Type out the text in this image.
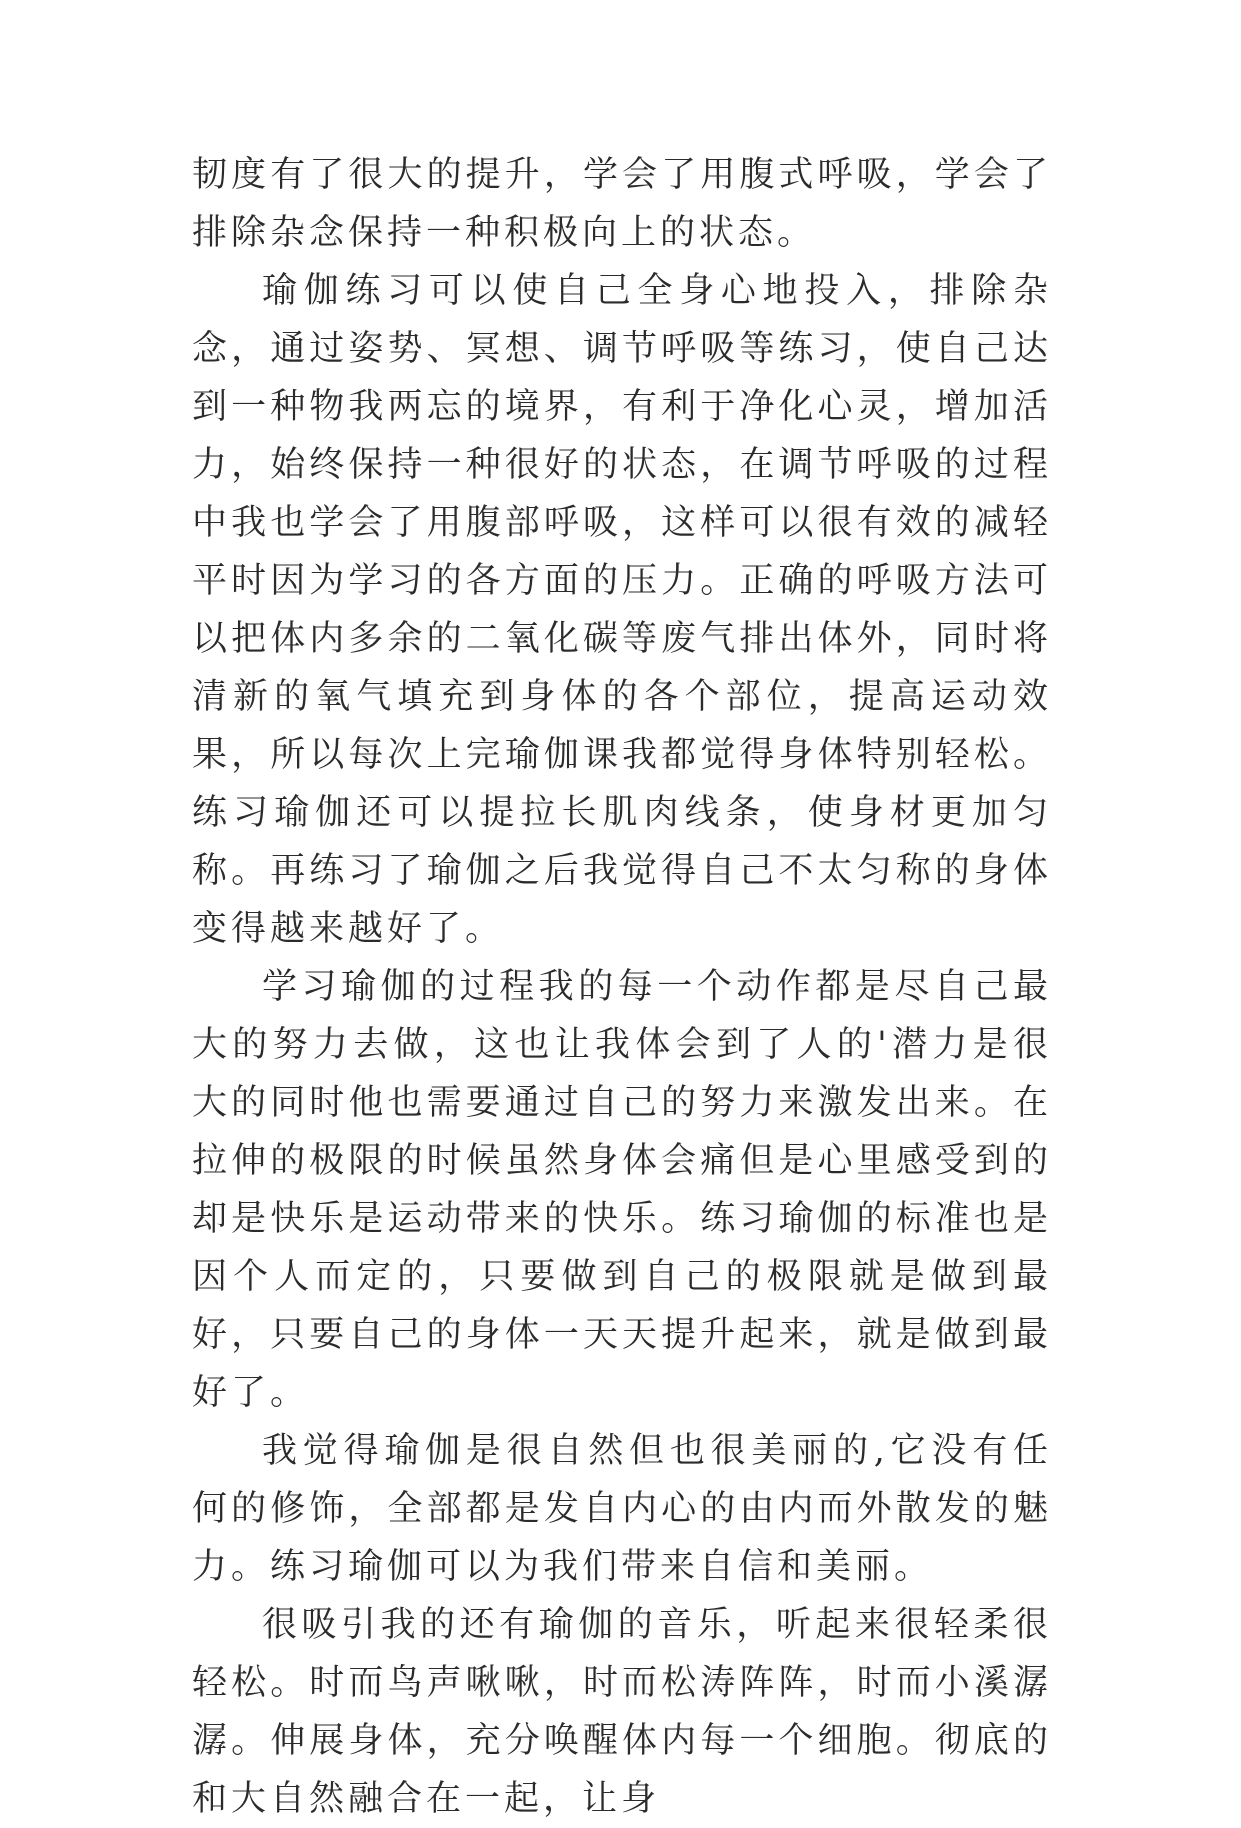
韧度有了很大的提升，学会了用腹式呼吸，学会了排除杂念保持一种积极向上的状态。

瑜伽练习可以使自己全身心地投入，排除杂念，通过姿势、冥想、调节呼吸等练习，使自己达到一种物我两忘的境界，有利于净化心灵，增加活力，始终保持一种很好的状态，在调节呼吸的过程中我也学会了用腹部呼吸，这样可以很有效的减轻平时因为学习的各方面的压力。正确的呼吸方法可以把体内多余的二氧化碳等废气排出体外，同时将清新的氧气填充到身体的各个部位，提高运动效果，所以每次上完瑜伽课我都觉得身体特别轻松。练习瑜伽还可以提拉长肌肉线条，使身材更加匀称。再练习了瑜伽之后我觉得自己不太匀称的身体变得越来越好了。

学习瑜伽的过程我的每一个动作都是尽自己最大的努力去做，这也让我体会到了人的'潜力是很大的同时他也需要通过自己的努力来激发出来。在拉伸的极限的时候虽然身体会痛但是心里感受到的却是快乐是运动带来的快乐。练习瑜伽的标准也是因个人而定的，只要做到自己的极限就是做到最好，只要自己的身体一天天提升起来，就是做到最好了。

我觉得瑜伽是很自然但也很美丽的,它没有任何的修饰，全部都是发自内心的由内而外散发的魅力。练习瑜伽可以为我们带来自信和美丽。

很吸引我的还有瑜伽的音乐，听起来很轻柔很轻松。时而鸟声啾啾，时而松涛阵阵，时而小溪潺潺。伸展身体，充分唤醒体内每一个细胞。彻底的和大自然融合在一起，让身
